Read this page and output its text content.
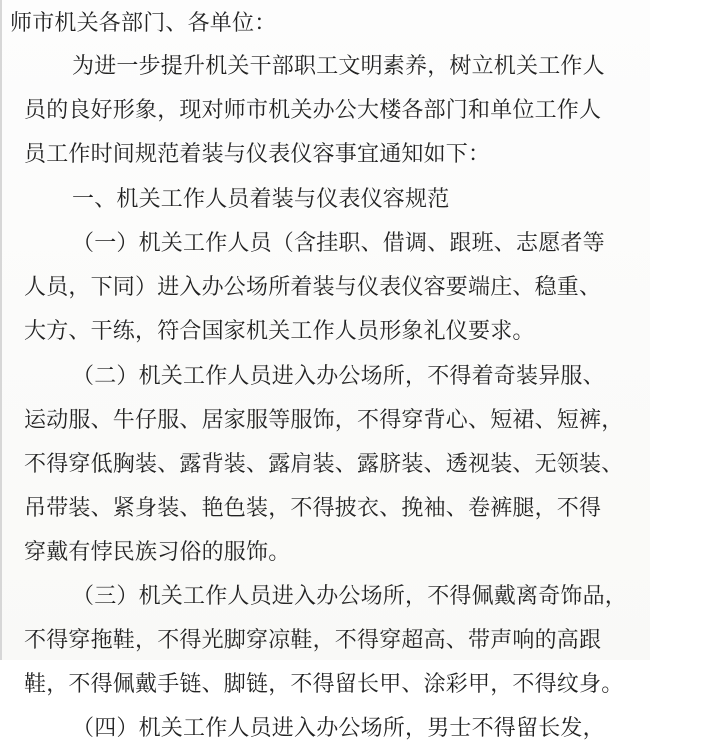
师市机关各部门、各单位：
为进一步提升机关干部职工文明素养，树立机关工作人
员的良好形象，现对师市机关办公大楼各部门和单位工作人
员工作时间规范着装与仪表仪容事宜通知如下：
一、机关工作人员着装与仪表仪容规范
（一）机关工作人员（含挂职、借调、跟班、志愿者等
人员，下同）进入办公场所着装与仪表仪容要端庄、稳重、
大方、干练，符合国家机关工作人员形象礼仪要求。
（二）机关工作人员进入办公场所，不得着奇装异服、
运动服、牛仔服、居家服等服饰，不得穿背心、短裙、短裤，
不得穿低胸装、露背装、露肩装、露脐装、透视装、无领装、
吊带装、紧身装、艳色装，不得披衣、挽袖、卷裤腿，不得
穿戴有悖民族习俗的服饰。
（三）机关工作人员进入办公场所，不得佩戴离奇饰品，
不得穿拖鞋，不得光脚穿凉鞋，不得穿超高、带声响的高跟
鞋，不得佩戴手链、脚链，不得留长甲、涂彩甲，不得纹身。
（四）机关工作人员进入办公场所，男士不得留长发，
